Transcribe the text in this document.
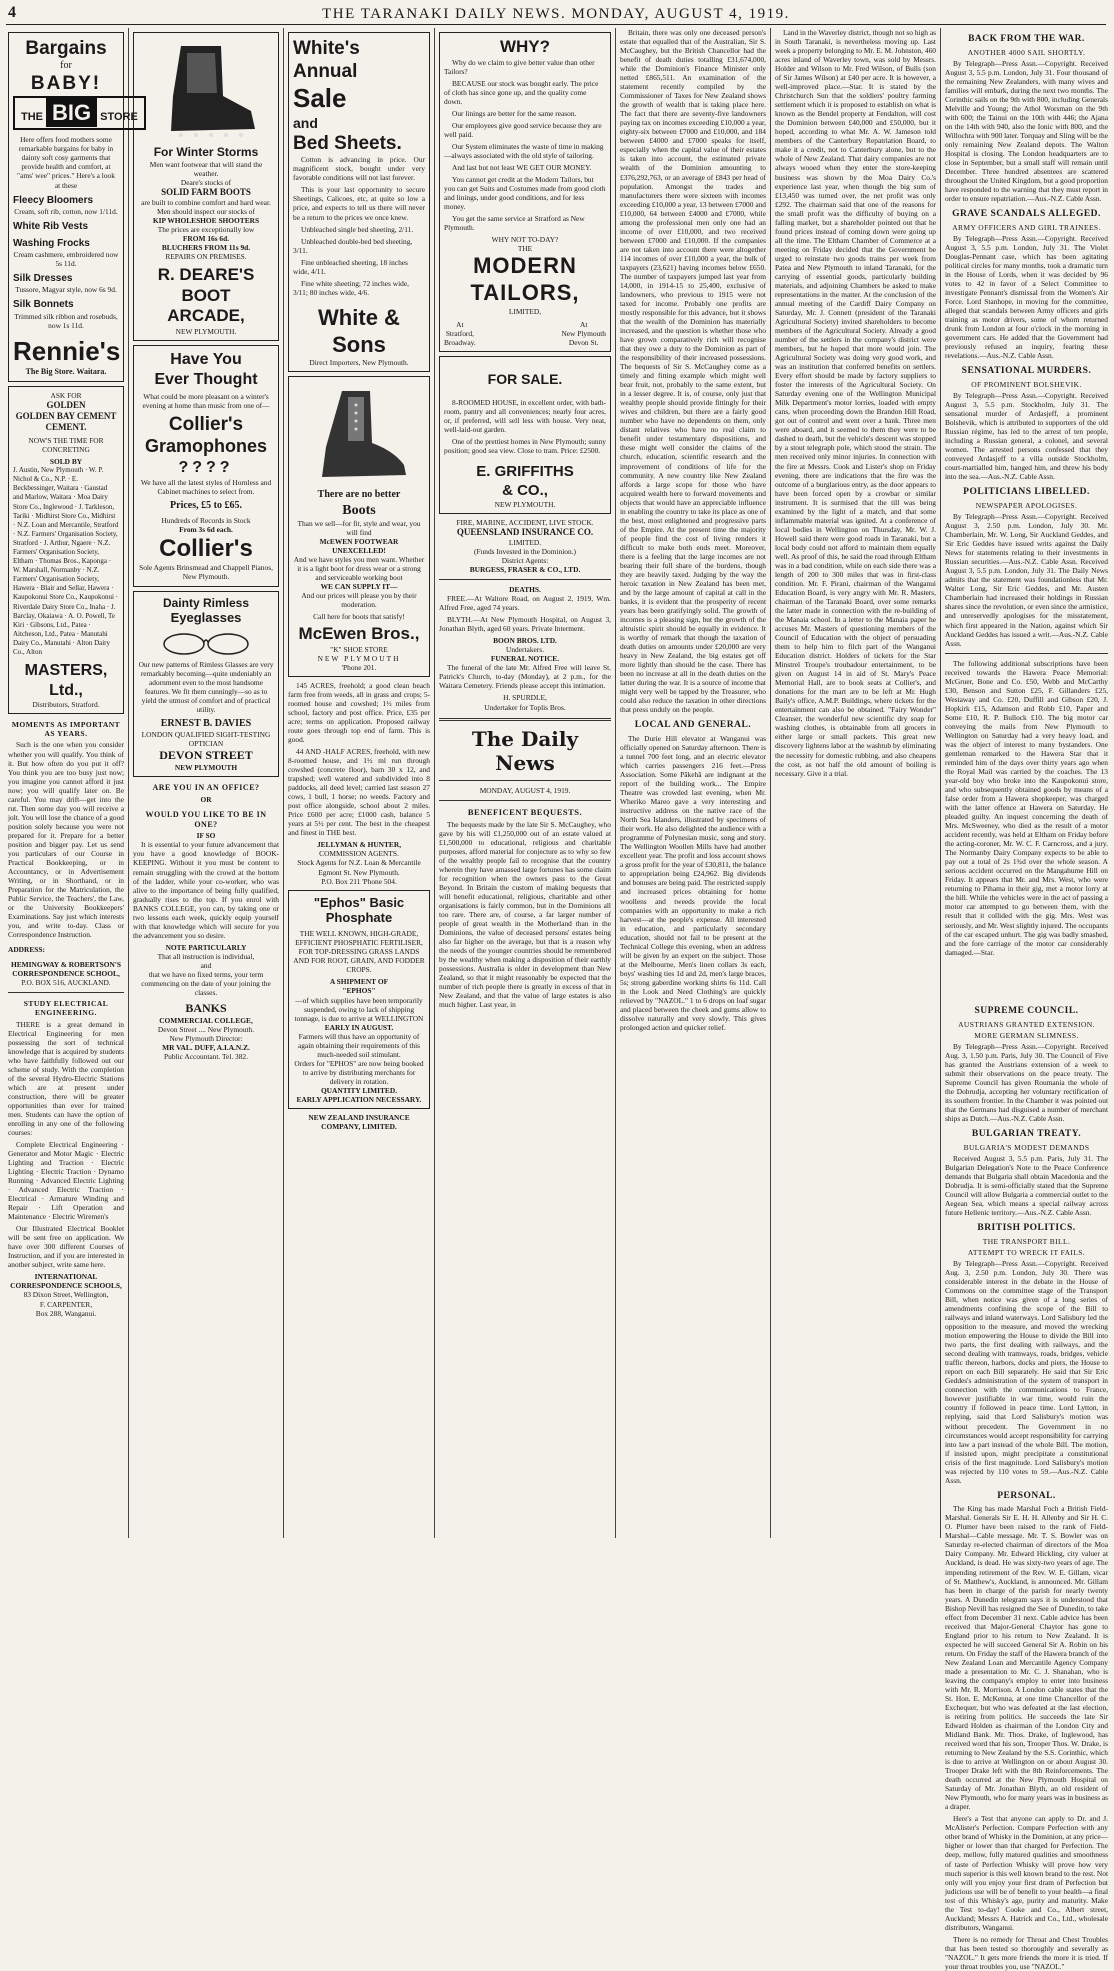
4	THE TARANAKI DAILY NEWS. MONDAY, AUGUST 4, 1919.
Bargains
for
BABY!
THE BIG STORE
Here offers food mothers some remarkable bargains for baby in dainty soft cosy garments that provide health and comfort, at "ams' wee" prices." Here's a look at these
Fleecy Bloomers
Cream, soft rib, cotton, now 1/11d.
White Rib Vests
Washing Frocks
Cream cashmere, embroidered now 5s 11d.
Silk Dresses
Tussore, Magyar style, now 6s 9d.
Silk Bonnets
Trimmed silk ribbon and rosebuds, now 1s 11d.
Rennie's
The Big Store. Waitara.
ASK FOR
GOLDEN
GOLDEN BAY CEMENT
CEMENT.
NOW'S THE TIME FOR CONCRETING
SOLD BY
J. Austin, New Plymouth · W. P. Nichol & Co., N.P. · E. Beckbessinger, Waitara · Gaustad and Marlow, Waitara · Moa Dairy Store Co., Inglewood · J. Tarkleson, Tariki · Midhirst Store Co., Midhirst · N.Z. Loan and Mercantile, Stratford · N.Z. Farmers' Organisation Society, Stratford · J. Arthur, Ngaere · N.Z. Farmers' Organisation Society, Eltham · Thomas Bros., Kaponga · W. Marshall, Normanby · N.Z. Farmers' Organisation Society, Hawera · Blair and Sellar, Hawera · Kaupokonui Store Co., Kaupokonui · Riverdale Dairy Store Co., Inaha · J. Barclay, Okaiawa · A. O. Powell, Te Kiri · Gibsons, Ltd., Patea · Aitcheson, Ltd., Patea · Manutahi Dairy Co., Manutahi · Alton Dairy Co., Alton
MASTERS, Ltd.,
Distributors, Stratford.
MOMENTS AS IMPORTANT AS YEARS.

Such is the one when you consider whether you will qualify. You think of it. But how often do you put it off? You think you are too busy just now; you imagine you cannot afford it just now; you will qualify later on. Be careful. You may drift—get into the rut. Then some day you will receive a jolt. You will lose the chance of a good position solely because you were not prepared for it. Prepare for a better position and bigger pay. Let us send you particulars of our Course in Practical Bookkeeping, or in Accountancy, or in Advertisement Writing, or in Shorthand, or in Preparation for the Matriculation, the Public Service, the Teachers', the Law, or the University Bookkeepers' Examinations. Say just which interests you, and write to-day. Class or Correspondence Instruction.

ADDRESS:
HEMINGWAY & ROBERTSON'S
CORRESPONDENCE SCHOOL,
P.O. BOX 516, AUCKLAND.
STUDY ELECTRICAL ENGINEERING.

THERE is a great demand in Electrical Engineering for men possessing the sort of technical knowledge that is acquired by students who have faithfully followed out our scheme of study. With the completion of the several Hydro-Electric Stations which are at present under construction, there will be greater opportunities than ever for trained men. Students can have the option of enrolling in any one of the following courses:

Complete Electrical Engineering · Generator and Motor Magic · Electric Lighting and Traction · Electric Lighting · Electric Traction · Dynamo Running · Advanced Electric Lighting · Advanced Electric Traction · Electrical · Armature Winding and Repair · Lift Operation and Maintenance · Electric Wiremen's

Our Illustrated Electrical Booklet will be sent free on application. We have over 300 different Courses of Instruction, and if you are interested in another subject, write same here.

INTERNATIONAL CORRESPONDENCE SCHOOLS,
83 Dixon Street, Wellington,
F. CARPENTER,
Box 288, Wanganui.
For Winter Storms
Men want footwear that will stand the weather.
Deare's stocks of
SOLID FARM BOOTS
are built to combine comfort and hard wear.
Men should inspect our stocks of
KIP WHOLESHOE SHOOTERS
The prices are exceptionally low
FROM 16s 6d.
BLUCHERS FROM 11s 9d.
REPAIRS ON PREMISES.
R. DEARE'S
BOOT
ARCADE,
NEW PLYMOUTH.
Have You
Ever Thought
What could be more pleasant on a winter's evening at home than music from one of—
Collier's
Gramophones
????
We have all the latest styles of Hornless and Cabinet machines to select from.
Prices, £5 to £65.
Hundreds of Records in Stock
From 3s 6d each.
Collier's
Sole Agents Brinsmead and Chappell Pianos,
New Plymouth.
Dainty Rimless
Eyeglasses
Our new patterns of Rimless Glasses are very remarkably becoming—quite undeniably an adornment even to the most handsome features. We fit them cunningly—so as to yield the utmost of comfort and of practical utility.
ERNEST B. DAVIES
LONDON QUALIFIED SIGHT-TESTING OPTICIAN
DEVON STREET
NEW PLYMOUTH
ARE YOU IN AN OFFICE?
OR
WOULD YOU LIKE TO BE IN ONE?
IF SO

It is essential to your future advancement that you have a good knowledge of BOOK-KEEPING. Without it you must be content to remain struggling with the crowd at the bottom of the ladder, while your co-worker, who was alive to the importance of being fully qualified, gradually rises to the top. If you enrol with BANKS COLLEGE, you can, by taking one or two lessons each week, quickly equip yourself with that knowledge which will secure for you the advancement you so desire.

NOTE PARTICULARLY
That all instruction is individual,
and
that we have no fixed terms, your term commencing on the date of your joining the classes.
BANKS
COMMERCIAL COLLEGE,
Devon Street .... New Plymouth.
New Plymouth Director:
MR VAL. DUFF, A.I.A.N.Z.
Public Accountant. Tel. 382.
White's
Annual
Sale
and
Bed Sheets.

Cotton is advancing in price. Our magnificent stock, bought under very favorable conditions will not last forever.

This is your last opportunity to secure Sheetings, Calicoes, etc, at quite so low a price, and expects to tell us there will never be a return to the prices we once knew.

Unbleached single bed sheeting, 2/11.

Unbleached double-bed bed sheeting, 3/11.

Fine unbleached sheeting, 18 inches wide, 4/11.

Fine white sheeting; 72 inches wide, 3/11; 80 inches wide, 4/6.

White & Sons
Direct Importers, New Plymouth.
There are no better
Boots
Than we sell—for fit, style and wear, you will find
McEWEN FOOTWEAR UNEXCELLED!
And we have styles you men want. Whether it is a light boot for dress wear or a strong and serviceable working boot
WE CAN SUPPLY IT—
And our prices will please you by their moderation.
Call here for boots that satisfy!
McEwen Bros.,
"K" SHOE STORE
NEW PLYMOUTH
'Phone 201.

145 ACRES, freehold; a good clean beach farm free from weeds, all in grass and crops; 5-roomed house and cowshed; 1½ miles from school, factory and post office. Price, £35 per acre; terms on application. Proposed railway route goes through top end of farm. This is good.

44 AND -HALF ACRES, freehold, with new 8-roomed house, and 1½ ml run through cowshed (concrete floor), barn 30 x 12, and trapshed; well watered and subdivided into 8 paddocks, all deed level; carried last season 27 cows, 1 bull, 1 horse; no weeds. Factory and post office alongside, school about 2 miles. Price £600 per acre; £1000 cash, balance 5 years at 5½ per cent. The best in the cheapest and finest in THE best.

JELLYMAN & HUNTER,
COMMISSION AGENTS.
Stock Agents for N.Z. Loan & Mercantile
Egmont St. New Plymouth.
P.O. Box 211 'Phone 504.
"Ephos" Basic
Phosphate
THE WELL KNOWN, HIGH-GRADE, EFFICIENT PHOSPHATIC FERTILISER, FOR TOP-DRESSING GRASS LANDS AND FOR ROOT, GRAIN, AND FODDER CROPS.
A SHIPMENT OF
"EPHOS"
—of which supplies have been temporarily suspended, owing to lack of shipping tonnage, is due to arrive at WELLINGTON
EARLY IN AUGUST.
Farmers will thus have an opportunity of again obtaining their requirements of this much-needed soil stimulant.
Orders for "EPHOS" are now being booked to arrive by distributing merchants for delivery in rotation.
QUANTITY LIMITED.
EARLY APPLICATION NECESSARY.
NEW ZEALAND INSURANCE COMPANY, LIMITED.
WHY?

Why do we claim to give better value than other Tailors?

BECAUSE our stock was bought early. The price of cloth has since gone up, and the quality come down.

Our linings are better for the same reason.

Our employees give good service because they are well paid.

Our System eliminates the waste of time in making—always associated with the old style of tailoring.

And last but not least WE GET OUR MONEY.

You cannot get credit at the Modern Tailors, but you can get Suits and Costumes made from good cloth and linings, under good conditions, and for less money.

You get the same service at Stratford as New Plymouth.

WHY NOT TO-DAY?
THE
MODERN
TAILORS,
LIMITED,
At
Stratford,
Broadway.
At
New Plymouth
Devon St.
FOR SALE.

8-ROOMED HOUSE, in excellent order, with bath-room, pantry and all conveniences; nearly four acres, or, if preferred, will sell less with house. Very neat, well-laid-out garden.

One of the prettiest homes in New Plymouth; sunny position; good sea view. Close to tram. Price: £2500.

E. GRIFFITHS
& CO.,
NEW PLYMOUTH.
FIRE, MARINE, ACCIDENT, LIVE STOCK.
QUEENSLAND INSURANCE CO.
LIMITED.
(Funds Invested in the Dominion.)
District Agents:
BURGESS, FRASER & CO., LTD.
DEATHS.

FREE.—At Waltore Road, on August 2, 1919, Wm. Alfred Free, aged 74 years.

BLYTH.—At New Plymouth Hospital, on August 3, Jonathan Blyth, aged 60 years. Private Interment.

BOON BROS. LTD.
Undertakers.
FUNERAL NOTICE.

The funeral of the late Mr. Alfred Free will leave St. Patrick's Church, to-day (Monday), at 2 p.m., for the Waitara Cemetery. Friends please accept this intimation.

H. SPURDLE,
Undertaker for Toplis Bros.
The Daily News
MONDAY, AUGUST 4, 1919.
BENEFICENT BEQUESTS.

The bequests made by the late Sir S. McCaughey, who gave by his will £1,250,000 out of an estate valued at £1,500,000 to educational, religious and charitable purposes, afford material for conjecture as to why so few of the wealthy people fail to recognise that the country wherein they have amassed large fortunes has some claim for recognition when the owners pass to the Great Beyond. In Britain the custom of making bequests that will benefit educational, religious, charitable and other organisations is fairly common, but in the Dominions all too rare. There are, of course, a far larger number of people of great wealth in the Motherland than in the Dominions, the value of deceased persons' estates being also far higher on the average, but that is a reason why the needs of the younger countries should be remembered by the wealthy when making a disposition of their earthly possessions. Australia is older in development than New Zealand, so that it might reasonably be expected that the number of rich people there is greatly in excess of that in New Zealand, and that the value of large estates is also much higher. Last year, in

Britain, there was only one deceased person's estate that equalled that of the Australian, Sir S. McCaughey, but the British Chancellor had the benefit of death duties totalling £31,674,000, while the Dominion's Finance Minister only netted £865,511. An examination of the statement recently compiled by the Commissioner of Taxes for New Zealand shows the growth of wealth that is taking place here. The fact that there are seventy-five landowners paying tax on incomes exceeding £10,000 a year, eighty-six between £7000 and £10,000, and 184 between £4000 and £7000 speaks for itself, especially when the capital value of their estates is taken into account, the estimated private wealth of the Dominion amounting to £376,292,763, or an average of £843 per head of population. Amongst the trades and manufacturers there were sixteen with incomes exceeding £10,000 a year, 13 between £7000 and £10,000, 64 between £4000 and £7000, while among the professional men only one had an income of over £10,000, and two received between £7000 and £10,000. If the companies are not taken into account there were altogether 114 incomes of over £10,000 a year, the bulk of taxpayers (23,621) having incomes below £650. The number of taxpayers jumped last year from 14,000, in 1914-15 to 25,400, exclusive of landowners, who previous to 1915 were not taxed for income. Probably one profits are mostly responsible for this advance, but it shows that the wealth of the Dominion has materially increased, and the question is whether those who have grown comparatively rich will recognise that they owe a duty to the Dominion as part of the responsibility of their increased possessions. The bequests of Sir S. McCaughey come as a timely and fitting example which might well bear fruit, not, probably to the same extent, but in a lesser degree. It is, of course, only just that wealthy people should provide fittingly for their wives and children, but there are a fairly good number who have no dependents on them, only distant relatives who have no real claim to benefit under testamentary dispositions, and these might well consider the claims of the church, education, scientific research and the improvement of conditions of life for the community. A new country like New Zealand affords a large scope for those who have acquired wealth here to forward movements and objects that would have an appreciable influence in enabling the country to take its place as one of the best, most enlightened and progressive parts of the Empire. At the present time the majority of people find the cost of living renders it difficult to make both ends meet. Moreover, there is a feeling that the large incomes are not bearing their full share of the burdens, though they are heavily taxed. Judging by the way the heroic taxation in New Zealand has been met, and by the large amount of capital at call in the banks, it is evident that the prosperity of recent years has been gratifyingly solid. The growth of incomes is a pleasing sign, but the growth of the altruistic spirit should be equally in evidence. It is worthy of remark that though the taxation of death duties on amounts under £20,000 are very heavy in New Zealand, the big estates get off more lightly than should be the case. There has been no increase at all in the death duties on the latter during the war. It is a source of income that might very well be tapped by the Treasurer, who could also reduce the taxation in other directions that press unduly on the people.

LOCAL AND GENERAL.

The Durie Hill elevator at Wanganui was officially opened on Saturday afternoon. There is a tunnel 700 feet long, and an electric elevator which carries passengers 216 feet.—Press Association. Some Pākehā are indignant at the report of the building work... The Empire Theatre was crowded last evening, when Mr. Wheriko Mareo gave a very interesting and instructive address on the native race of the North Sea Islanders, illustrated by specimens of their work. He also delighted the audience with a programme of Polynesian music, song and story. The Wellington Woollen Mills have had another excellent year. The profit and loss account shows a gross profit for the year of £30,811, the balance to appropriation being £24,962. Big dividends and bonuses are being paid. The restricted supply and increased prices obtaining for home woollens and tweeds provide the local companies with an opportunity to make a rich harvest—at the people's expense. All interested in education, and particularly secondary education, should not fail to be present at the Technical College this evening, when an address will be given by an expert on the subject. Those at the Melbourne, Men's linen collars 3s each, boys' washing ties 1d and 2d, men's large braces, 5s; strong gaberdine working shirts 6s 11d. Call in the Look and Need Clothing's are quickly relieved by "NAZOL." 1 to 6 drops on loaf sugar and placed between the cheek and gums allow to dissolve naturally and very slowly. This gives prolonged action and quicker relief.

Land in the Waverley district, though not so high as in South Taranaki, is nevertheless moving up. Last week a property belonging to Mr. E. M. Johnston, 460 acres inland of Waverley town, was sold by Messrs. Holder and Wilson to Mr. Fred Wilson, of Bulls (son of Sir James Wilson) at £40 per acre. It is however, a well-improved place.—Star. It is stated by the Christchurch Sun that the soldiers' poultry farming settlement which it is proposed to establish on what is known as the Bendel property at Fendalton, will cost the Dominion between £40,000 and £50,000, but it hoped, according to what Mr. A. W. Jameson told members of the Canterbury Repatriation Board, to make it a credit, not to Canterbury alone, but to the whole of New Zealand. That dairy companies are not always wooed when they enter the store-keeping business was shown by the Moa Dairy Co.'s experience last year, when though the big sum of £13,450 was turned over, the net profit was only £292. The chairman said that one of the reasons for the small profit was the difficulty of buying on a falling market, but a shareholder pointed out that he found prices instead of coming down were going up all the time. The Eltham Chamber of Commerce at a meeting on Friday decided that the Government be urged to reinstate two goods trains per week from Patea and New Plymouth to inland Taranaki, for the carrying of essential goods, particularly building materials, and adjoining Chambers be asked to make representations in the matter. At the conclusion of the annual meeting of the Cardiff Dairy Company on Saturday, Mr. J. Connett (president of the Taranaki Agricultural Society) invited shareholders to become members of the Agricultural Society. Already a good number of the settlers in the company's district were members, but he hoped that more would join. The Agricultural Society was doing very good work, and was an institution that conferred benefits on settlers. Every effort should be made by factory suppliers to foster the interests of the Agricultural Society. On Saturday evening one of the Wellington Municipal Milk Department's motor lorries, loaded with empty cans, when proceeding down the Brandon Hill Road, got out of control and went over a bank. Three men were aboard, and it seemed to them they were to be dashed to death, but the vehicle's descent was stopped by a stout telegraph pole, which stood the strain. The men received only minor injuries. In connection with the fire at Messrs. Cook and Lister's shop on Friday evening, there are indications that the fire was the outcome of a burglarious entry, as the door appears to have been forced open by a crowbar or similar instrument. It is surmised that the till was being examined by the light of a match, and that some inflammable material was ignited. At a conference of local bodies in Wellington on Thursday, Mr. W. J. Howell said there were good roads in Taranaki, but a local body could not afford to maintain them equally well. As proof of this, he said the road through Eltham was in a bad condition, while on each side there was a length of 200 to 300 miles that was in first-class condition. Mr. F. Pirani, chairman of the Wanganui Education Board, is very angry with Mr. R. Masters, chairman of the Taranaki Board, over some remarks the latter made in connection with the re-building of the Manaia school. In a letter to the Manaia paper he accuses Mr. Masters of questioning members of the Council of Education with the object of persuading them to help him to filch part of the Wanganui Education district. Holders of tickets for the Star Minstrel Troupe's troubadour entertainment, to be given on August 14 in aid of St. Mary's Peace Memorial Hall, are to book seats at Collier's, and donations for the mart are to be left at Mr. Hugh Baily's office, A.M.P. Buildings, where tickets for the entertainment can also be obtained. "Fairy Wonder" Cleanser, the wonderful new scientific dry soap for washing clothes, is obtainable from all grocers in either large or small packets. This great new discovery lightens labor at the washtub by eliminating the necessity for domestic rubbing, and also cheapens the cost, as not half the old amount of boiling is necessary. Give it a trial.

BACK FROM THE WAR.
ANOTHER 4000 SAIL SHORTLY.

By Telegraph—Press Assn.—Copyright. Received August 3, 5.5 p.m. London, July 31. Four thousand of the remaining New Zealanders, with many wives and families will embark, during the next two months. The Corinthic sails on the 9th with 800, including Generals Melville and Young; the Athol Worsman on the 9th with 600; the Tainui on the 10th with 446; the Ajana on the 14th with 940, also the Ionic with 800, and the Willochra with 900 later. Torquay and Sling will be the only remaining New Zealand depots. The Walton Hospital is closing. The London headquarters are to close in September, but a small staff will remain until December. Three hundred absentees are scattered throughout the United Kingdom, but a good proportion have responded to the warning that they must report in order to ensure repatriation.—Aus.-N.Z. Cable Assn.

GRAVE SCANDALS ALLEGED.
ARMY OFFICERS AND GIRL TRAINEES.

By Telegraph—Press Assn.—Copyright. Received August 3, 5.5 p.m. London, July 31. The Violet Douglas-Pennant case, which has been agitating political circles for many months, took a dramatic turn in the House of Lords, when it was decided by 96 votes to 42 in favor of a Select Committee to investigate Pennant's dismissal from the Women's Air Force. Lord Stanhope, in moving for the committee, alleged that scandals between Army officers and girls training as motor drivers, some of whom returned drunk from London at four o'clock in the morning in government cars. He added that the Government had previously refused an inquiry, fearing these revelations.—Aus.-N.Z. Cable Assn.

SENSATIONAL MURDERS.
OF PROMINENT BOLSHEVIK.

By Telegraph—Press Assn.—Copyright. Received August 3, 5.5 p.m. Stockholm, July 31. The sensational murder of Ardasjeff, a prominent Bolshevik, which is attributed to supporters of the old Russian régime, has led to the arrest of ten people, including a Russian general, a colonel, and several women. The arrested persons confessed that they conveyed Ardasjeff to a villa outside Stockholm, court-martialled him, hanged him, and threw his body into the sea.—Aus.-N.Z. Cable Assn.

POLITICIANS LIBELLED.
NEWSPAPER APOLOGISES.

By Telegraph—Press Assn.—Copyright. Received August 3, 2.50 p.m. London, July 30. Mr. Chamberlain, Mr. W. Long, Sir Auckland Geddes, and Sir Eric Geddes have issued writs against the Daily News for statements relating to their investments in Russian securities.—Aus.-N.Z. Cable Assn. Received August 3, 5.5 p.m. London, July 31. The Daily News admits that the statement was foundationless that Mr. Walter Long, Sir Eric Geddes, and Mr. Austen Chamberlain had increased their holdings in Russian shares since the revolution, or even since the armistice, and unreservedly apologises for the misstatement, which first appeared in the Nation, against which Sir Auckland Geddes has issued a writ.—Aus.-N.Z. Cable Assn.

The following additional subscriptions have been received towards the Hawera Peace Memorial: McGruer, Bone and Co. £50, Webb and McCarthy £30, Benson and Sutton £25, F. Gillanders £25, Westaway and Co. £20, Duffill and Gibson £20, J. Hopkirk £15, Adamson and Robb £10, Paper and Some £10, R. P. Bullock £10. The big motor car conveying the mails from New Plymouth to Wellington on Saturday had a very heavy load, and was the object of interest to many bystanders. One gentleman remarked to the Hawera Star that it reminded him of the days over thirty years ago when the Royal Mail was carried by the coaches. The 13 year-old boy who broke into the Kaupokonui store, and who subsequently obtained goods by means of a false order from a Hawera shopkeeper, was charged with the latter offence at Hawera on Saturday. He pleaded guilty. An inquest concerning the death of Mrs. McSweeney, who died as the result of a motor accident recently, was held at Eltham on Friday before the acting-coroner, Mr. W. C. F. Carncross, and a jury. The Normanby Dairy Company expects to be able to pay out a total of 2s 1¾d over the whole season. A serious accident occurred on the Mangahume Hill on Friday. It appears that Mr. and Mrs. West, who were returning to Pihama in their gig, met a motor lorry at the hill. While the vehicles were in the act of passing a motor car attempted to go between them, with the result that it collided with the gig. Mrs. West was seriously, and Mr. West slightly injured. The occupants of the car escaped unhurt. The gig was badly smashed, and the fore carriage of the motor car considerably damaged.—Star.

SUPREME COUNCIL.
AUSTRIANS GRANTED EXTENSION.
MORE GERMAN SLIMNESS.

By Telegraph—Press Assn.—Copyright. Received Aug. 3, 1.50 p.m. Paris, July 30. The Council of Five has granted the Austrians extension of a week to submit their observations on the peace treaty. The Supreme Council has given Roumania the whole of the Dobrudja, accepting her voluntary rectification of its southern frontier. In the Chamber it was pointed out that the Germans had disguised a number of merchant ships as Dutch.—Aus.-N.Z. Cable Assn.

BULGARIAN TREATY.
BULGARIA'S MODEST DEMANDS

Received August 3, 5.5 p.m. Paris, July 31. The Bulgarian Delegation's Note to the Peace Conference demands that Bulgaria shall obtain Macedonia and the Dobrudja. It is semi-officially stated that the Supreme Council will allow Bulgaria a commercial outlet to the Aegean Sea, which means a special railway across future Hellenic territory.—Aus.-N.Z. Cable Assn.

BRITISH POLITICS.
THE TRANSPORT BILL.
ATTEMPT TO WRECK IT FAILS.

By Telegraph—Press Assn.—Copyright. Received Aug. 3, 2.50 p.m. London, July 30. There was considerable interest in the debate in the House of Commons on the committee stage of the Transport Bill, when notice was given of a long series of amendments confining the scope of the Bill to railways and inland waterways. Lord Salisbury led the opposition to the measure, and moved the wrecking motion empowering the House to divide the Bill into two parts, the first dealing with railways, and the second dealing with tramways, roads, bridges, vehicle traffic thereon, harbors, docks and piers, the House to report on each Bill separately. He said that Sir Eric Geddes's administration of the system of transport in connection with the communications to France, however justifiable in war time, would ruin the country if followed in peace time. Lord Lytton, in replying, said that Lord Salisbury's motion was without precedent. The Government in no circumstances would accept responsibility for carrying into law a part instead of the whole Bill. The motion, if insisted upon, might precipitate a constitutional crisis of the first magnitude. Lord Salisbury's motion was rejected by 110 votes to 59.—Aus.-N.Z. Cable Assn.

PERSONAL.

The King has made Marshal Foch a British Field-Marshal. Generals Sir E. H. H. Allenby and Sir H. C. O. Plumer have been raised to the rank of Field-Marshal—Cable message. Mr. T. S. Bowler was on Saturday re-elected chairman of directors of the Moa Dairy Company. Mr. Edward Hickling, city valuer at Auckland, is dead. He was sixty-two years of age. The impending retirement of the Rev. W. E. Gillam, vicar of St. Matthew's, Auckland, is announced. Mr. Gillam has been in charge of the parish for nearly twenty years. A Dunedin telegram says it is understood that Bishop Nevill has resigned the See of Dunedin, to take effect from December 31 next. Cable advice has been received that Major-General Chaytor has gone to England prior to his return to New Zealand. It is expected he will succeed General Sir A. Robin on his return. On Friday the staff of the Hawera branch of the New Zealand Loan and Mercantile Agency Company made a presentation to Mr. C. J. Shanahan, who is leaving the company's employ to enter into business with Mr. R. Morrison. A London cable states that the St. Hon. E. McKenna, at one time Chancellor of the Exchequer, but who was defeated at the last election, is retiring from politics. He succeeds the late Sir Edward Holden as chairman of the London City and Midland Bank. Mr. Thos. Drake, of Inglewood, has received word that his son, Trooper Thos. W. Drake, is returning to New Zealand by the S.S. Corinthic, which is due to arrive at Wellington on or about August 30. Trooper Drake left with the 8th Reinforcements. The death occurred at the New Plymouth Hospital on Saturday of Mr. Jonathan Blyth, an old resident of New Plymouth, who for many years was in business as a draper.

Here's a Test that anyone can apply to Dr. and J. McAlister's Perfection. Compare Perfection with any other brand of Whisky in the Dominion, at any price—higher or lower than that charged for Perfection. The deep, mellow, fully matured qualities and smoothness of taste of Perfection Whisky will prove how very much superior is this well known brand to the rest. Not only will you enjoy your first dram of Perfection but judicious use will be of benefit to your health—a final test of this Whisky's age, purity and maturity. Make the Test to-day! Cooke and Co., Albert street, Auckland; Messrs A. Hatrick and Co., Ltd., wholesale distributors, Wanganui.

There is no remedy for Throat and Chest Troubles that has been tested so thoroughly and severally as "NAZOL." It gets more friends the more it is tried. If your throat troubles you, use "NAZOL."
